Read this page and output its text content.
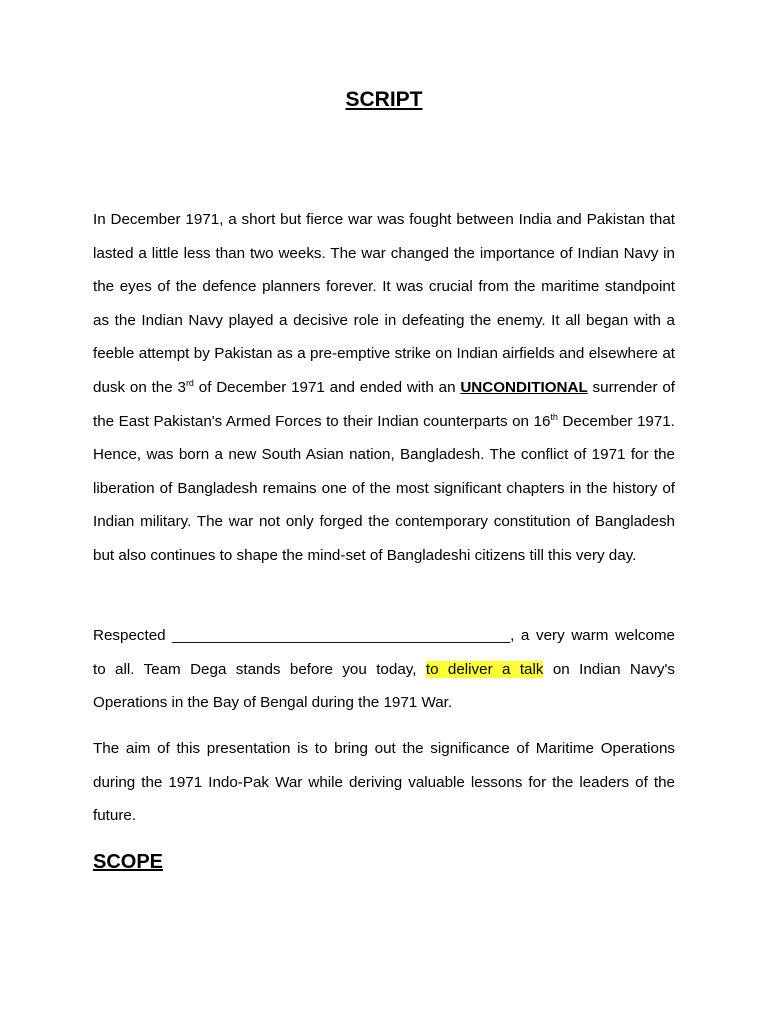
SCRIPT

In December 1971, a short but fierce war was fought between India and Pakistan that lasted a little less than two weeks. The war changed the importance of Indian Navy in the eyes of the defence planners forever. It was crucial from the maritime standpoint as the Indian Navy played a decisive role in defeating the enemy. It all began with a feeble attempt by Pakistan as a pre-emptive strike on Indian airfields and elsewhere at dusk on the 3rd of December 1971 and ended with an UNCONDITIONAL surrender of the East Pakistan's Armed Forces to their Indian counterparts on 16th December 1971. Hence, was born a new South Asian nation, Bangladesh. The conflict of 1971 for the liberation of Bangladesh remains one of the most significant chapters in the history of Indian military. The war not only forged the contemporary constitution of Bangladesh but also continues to shape the mind-set of Bangladeshi citizens till this very day.

Respected ________________________________________, a very warm welcome to all. Team Dega stands before you today, to deliver a talk on Indian Navy's Operations in the Bay of Bengal during the 1971 War.

The aim of this presentation is to bring out the significance of Maritime Operations during the 1971 Indo-Pak War while deriving valuable lessons for the leaders of the future.

SCOPE
